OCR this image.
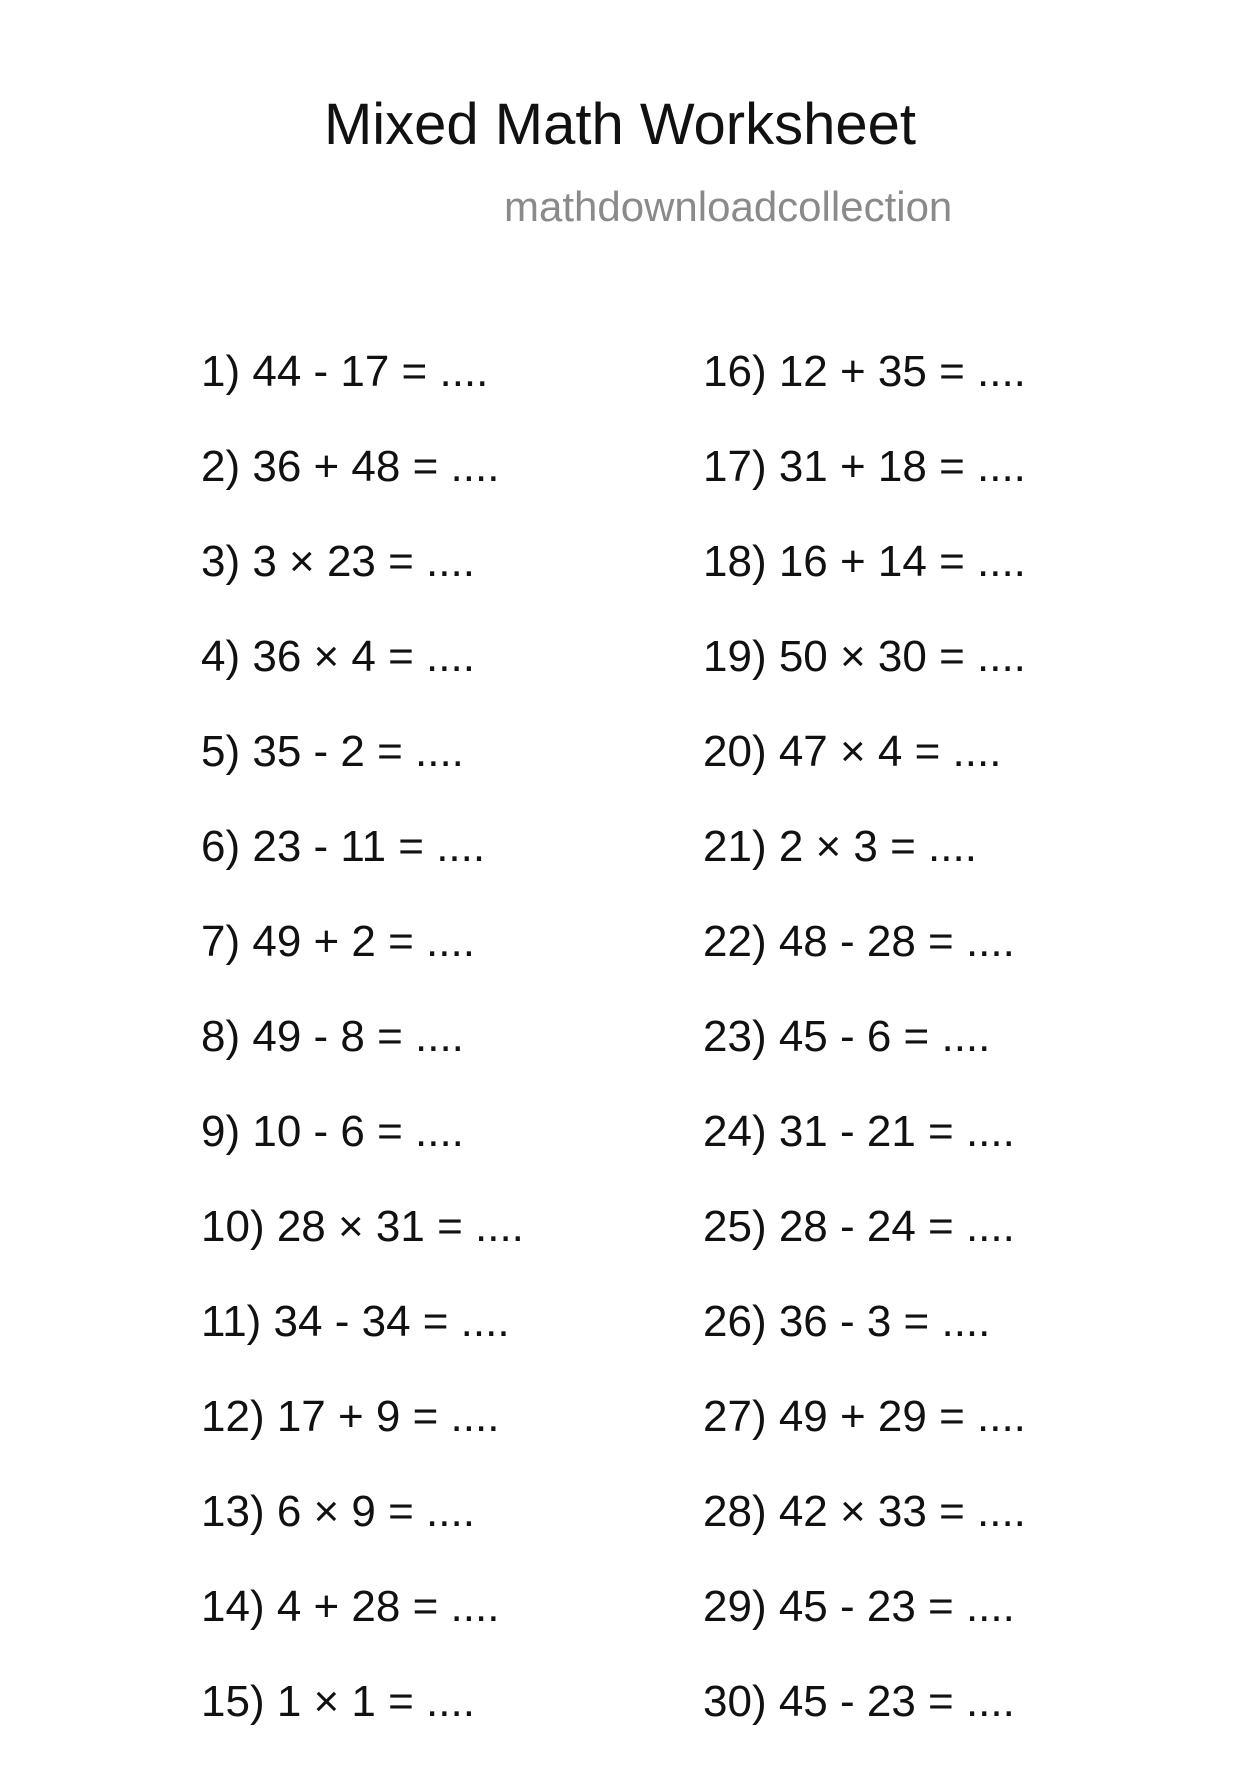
Mixed Math Worksheet
mathdownloadcollection
1) 44 - 17 = ....
2) 36 + 48 = ....
3) 3 × 23 = ....
4) 36 × 4 = ....
5) 35 - 2 = ....
6) 23 - 11 = ....
7) 49 + 2 = ....
8) 49 - 8 = ....
9) 10 - 6 = ....
10) 28 × 31 = ....
11) 34 - 34 = ....
12) 17 + 9 = ....
13) 6 × 9 = ....
14) 4 + 28 = ....
15) 1 × 1 = ....
16) 12 + 35 = ....
17) 31 + 18 = ....
18) 16 + 14 = ....
19) 50 × 30 = ....
20) 47 × 4 = ....
21) 2 × 3 = ....
22) 48 - 28 = ....
23) 45 - 6 = ....
24) 31 - 21 = ....
25) 28 - 24 = ....
26) 36 - 3 = ....
27) 49 + 29 = ....
28) 42 × 33 = ....
29) 45 - 23 = ....
30) 45 - 23 = ....
